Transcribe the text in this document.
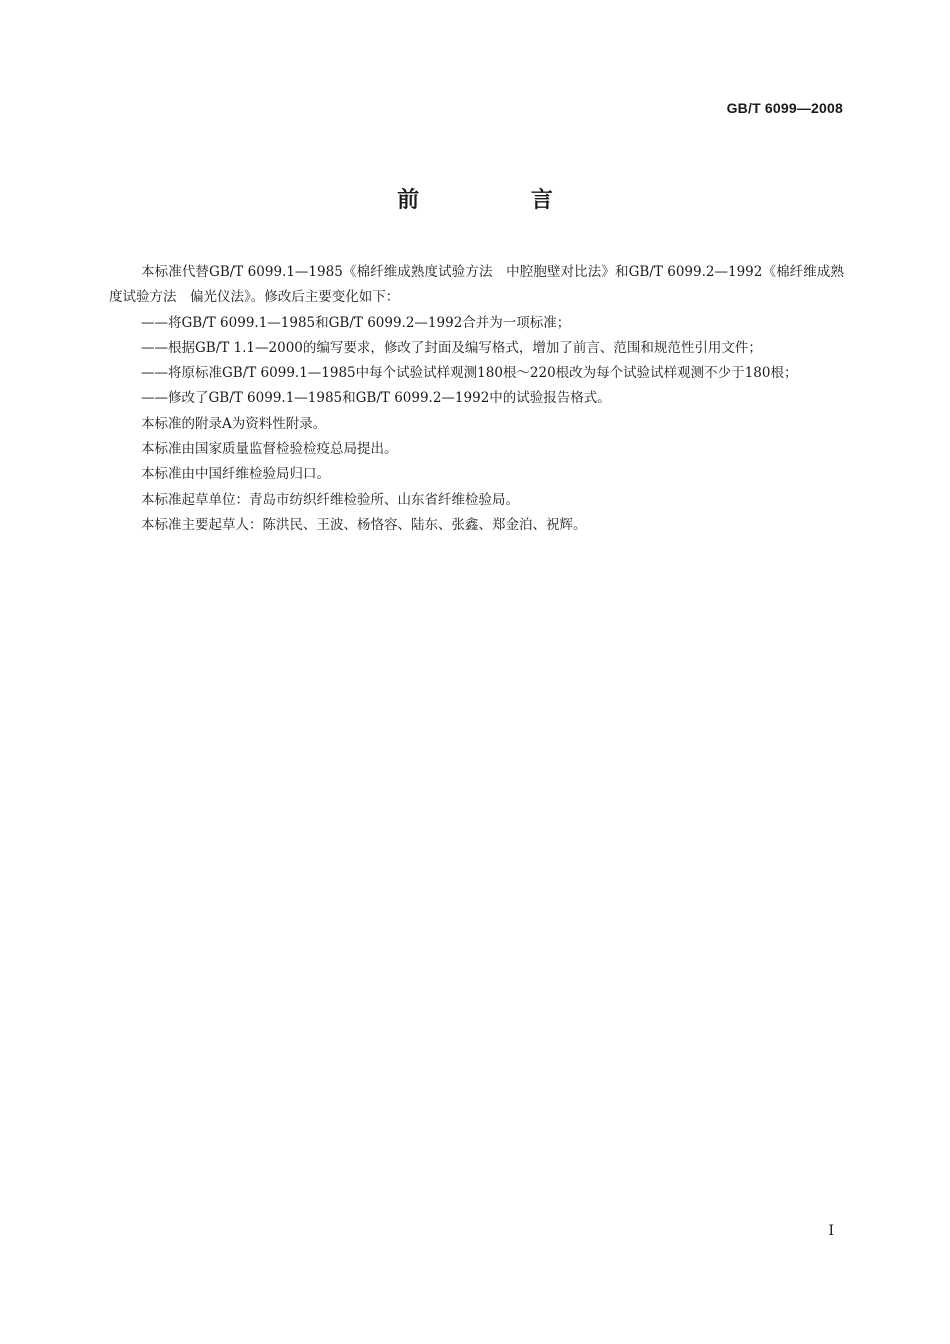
GB/T 6099—2008
前 言

本标准代替GB/T 6099.1—1985《棉纤维成熟度试验方法　中腔胞壁对比法》和GB/T 6099.2—1992《棉纤维成熟度试验方法　偏光仪法》。修改后主要变化如下：

——将GB/T 6099.1—1985和GB/T 6099.2—1992合并为一项标准；

——根据GB/T 1.1—2000的编写要求，修改了封面及编写格式，增加了前言、范围和规范性引用文件；

——将原标准GB/T 6099.1—1985中每个试验试样观测180根～220根改为每个试验试样观测不少于180根；

——修改了GB/T 6099.1—1985和GB/T 6099.2—1992中的试验报告格式。

本标准的附录A为资料性附录。

本标准由国家质量监督检验检疫总局提出。

本标准由中国纤维检验局归口。

本标准起草单位：青岛市纺织纤维检验所、山东省纤维检验局。

本标准主要起草人：陈洪民、王波、杨恪容、陆东、张鑫、郑金泊、祝辉。

I
